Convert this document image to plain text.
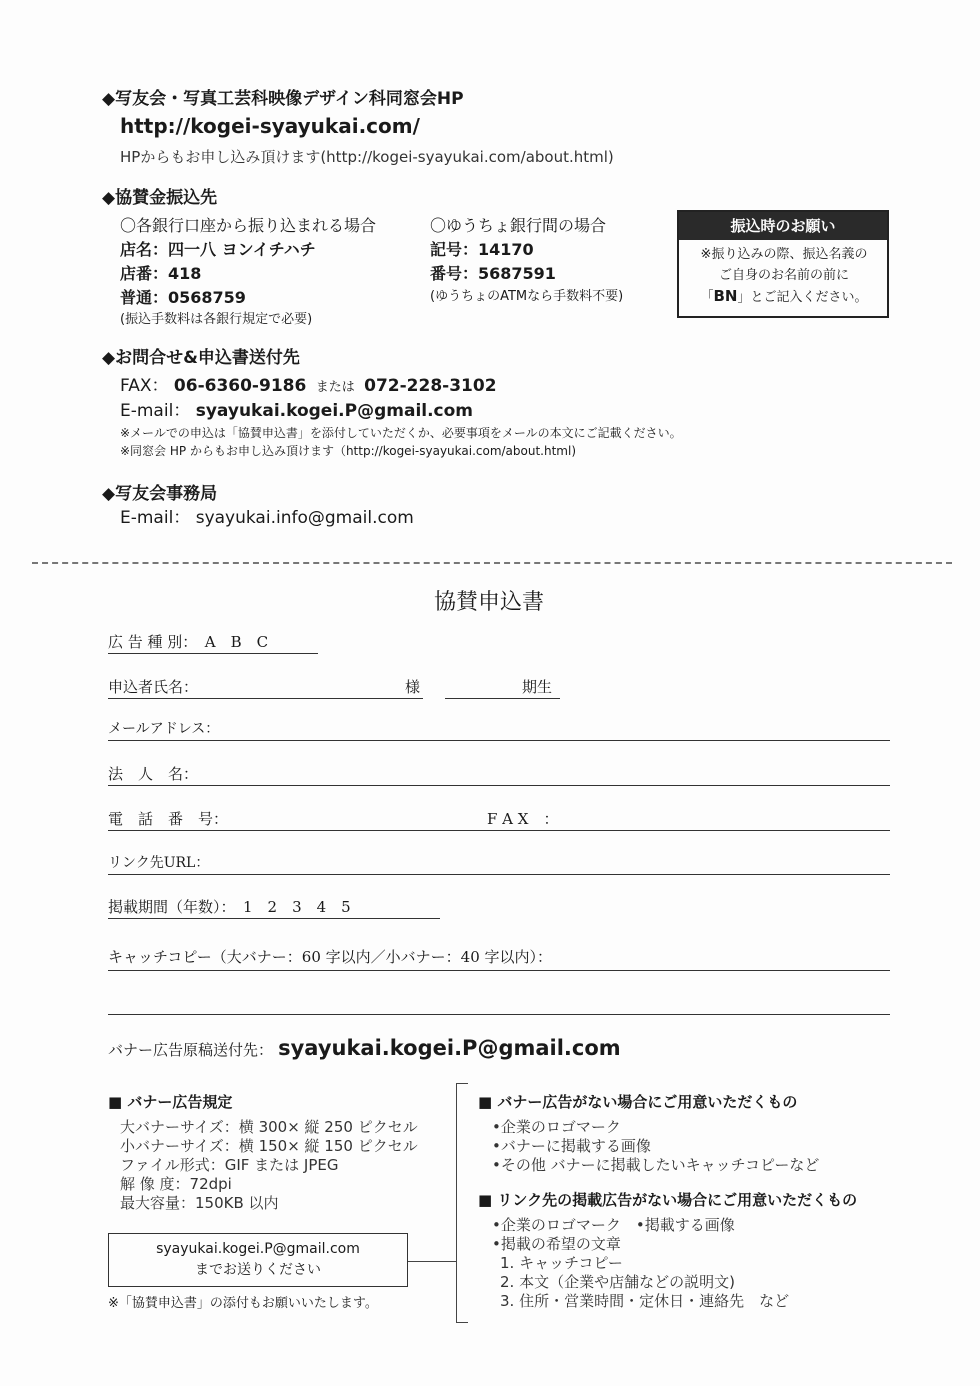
◆写友会・写真工芸科映像デザイン科同窓会HP
http://kogei-syayukai.com/
HPからもお申し込み頂けます(http://kogei-syayukai.com/about.html)
◆協賛金振込先
〇各銀行口座から振り込まれる場合
店名：四一八 ヨンイチハチ
店番：418
普通：0568759
(振込手数料は各銀行規定で必要)
〇ゆうちょ銀行間の場合
記号：14170
番号：5687591
(ゆうちょのATMなら手数料不要)
振込時のお願い
※振り込みの際、振込名義の
ご自身のお名前の前に
「BN」とご記入ください。
◆お問合せ&申込書送付先
FAX： 06-6360-9186 または 072-228-3102
E-mail： syayukai.kogei.P@gmail.com
※メールでの申込は「協賛申込書」を添付していただくか、必要事項をメールの本文にご記載ください。
※同窓会 HP からもお申し込み頂けます（http://kogei-syayukai.com/about.html)
◆写友会事務局
E-mail： syayukai.info@gmail.com
協賛申込書
広 告 種 別：　A　B　C
申込者氏名：	様	期生
メールアドレス：
法　人　名：
電　話　番　号：	F A X　：
リンク先URL：
掲載期間（年数）：　1　2　3　4　5
キャッチコピー（大バナー：60 字以内／小バナー：40 字以内）：
バナー広告原稿送付先： syayukai.kogei.P@gmail.com
■ バナー広告規定
大バナーサイズ：横 300× 縦 250 ピクセル
小バナーサイズ：横 150× 縦 150 ピクセル
ファイル形式：GIF または JPEG
解 像 度：72dpi
最大容量：150KB 以内
syayukai.kogei.P@gmail.com
までお送りください
※「協賛申込書」の添付もお願いいたします。
■ バナー広告がない場合にご用意いただくもの
•企業のロゴマーク
•バナーに掲載する画像
•その他 バナーに掲載したいキャッチコピーなど
■ リンク先の掲載広告がない場合にご用意いただくもの
•企業のロゴマーク　•掲載する画像
•掲載の希望の文章
1. キャッチコピー
2. 本文（企業や店舗などの説明文)
3. 住所・営業時間・定休日・連絡先　など
